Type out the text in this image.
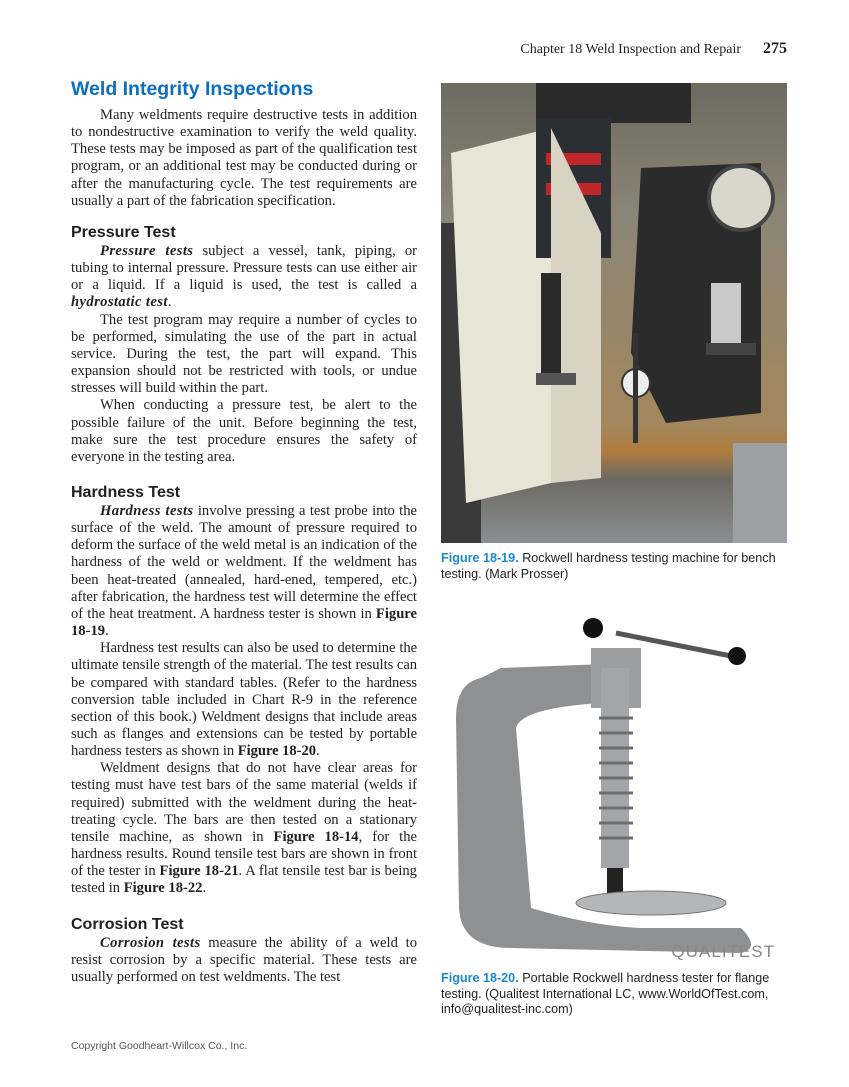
Chapter 18 Weld Inspection and Repair 275
Weld Integrity Inspections

Many weldments require destructive tests in addition to nondestructive examination to verify the weld quality. These tests may be imposed as part of the qualification test program, or an additional test may be conducted during or after the manufacturing cycle. The test requirements are usually a part of the fabrication specification.

Pressure Test

Pressure tests subject a vessel, tank, piping, or tubing to internal pressure. Pressure tests can use either air or a liquid. If a liquid is used, the test is called a hydrostatic test.

The test program may require a number of cycles to be performed, simulating the use of the part in actual service. During the test, the part will expand. This expansion should not be restricted with tools, or undue stresses will build within the part.

When conducting a pressure test, be alert to the possible failure of the unit. Before beginning the test, make sure the test procedure ensures the safety of everyone in the testing area.

Hardness Test

Hardness tests involve pressing a test probe into the surface of the weld. The amount of pressure required to deform the surface of the weld metal is an indication of the hardness of the weld or weldment. If the weldment has been heat-treated (annealed, hard-ened, tempered, etc.) after fabrication, the hardness test will determine the effect of the heat treatment. A hardness tester is shown in Figure 18-19.

Hardness test results can also be used to determine the ultimate tensile strength of the material. The test results can be compared with standard tables. (Refer to the hardness conversion table included in Chart R-9 in the reference section of this book.) Weldment designs that include areas such as flanges and extensions can be tested by portable hardness testers as shown in Figure 18-20.

Weldment designs that do not have clear areas for testing must have test bars of the same material (welds if required) submitted with the weldment during the heat-treating cycle. The bars are then tested on a stationary tensile machine, as shown in Figure 18-14, for the hardness results. Round tensile test bars are shown in front of the tester in Figure 18-21. A flat tensile test bar is being tested in Figure 18-22.

Corrosion Test

Corrosion tests measure the ability of a weld to resist corrosion by a specific material. These tests are usually performed on test weldments. The test

Figure 18-19. Rockwell hardness testing machine for bench testing. (Mark Prosser)
QUALITEST
Figure 18-20. Portable Rockwell hardness tester for flange testing. (Qualitest International LC, www.WorldOfTest.com, info@qualitest-inc.com)
Copyright Goodheart-Willcox Co., Inc.
